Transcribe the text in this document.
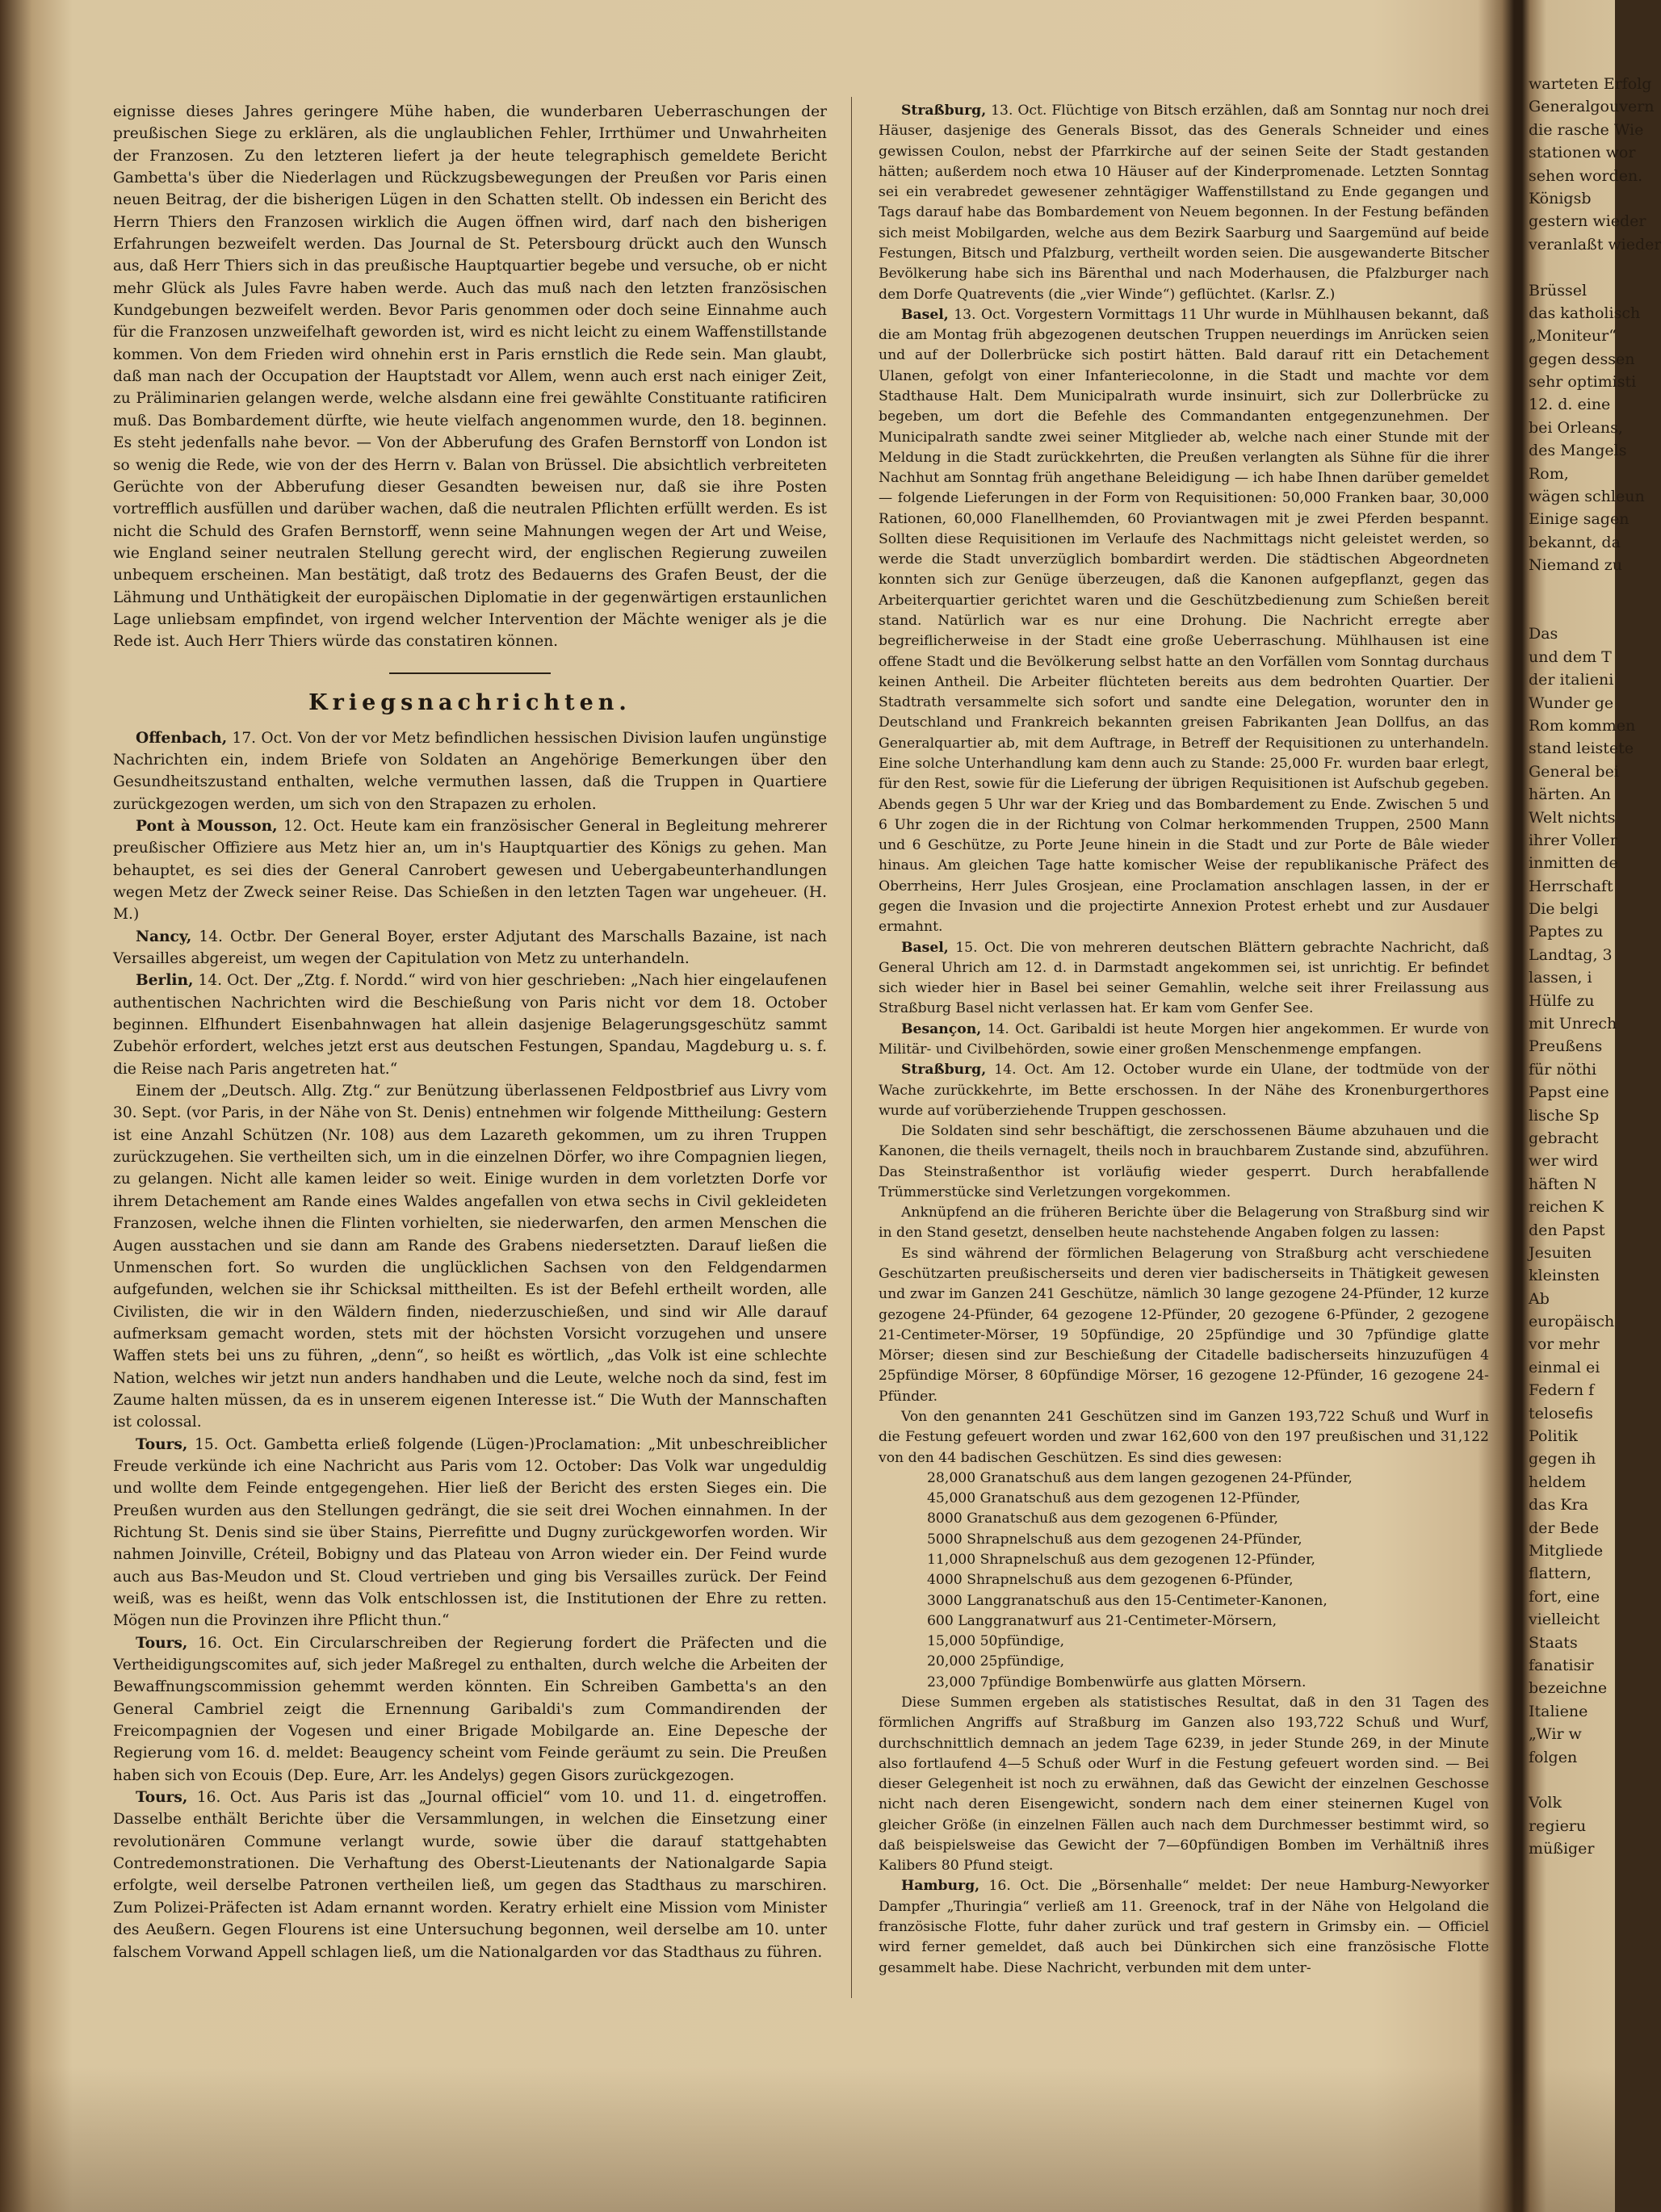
eignisse dieses Jahres geringere Mühe haben, die wunderbaren Ueberraschungen der preußischen Siege zu erklären, als die unglaublichen Fehler, Irrthümer und Unwahrheiten der Franzosen. Zu den letzteren liefert ja der heute telegraphisch gemeldete Bericht Gambetta's über die Niederlagen und Rückzugsbewegungen der Preußen vor Paris einen neuen Beitrag, der die bisherigen Lügen in den Schatten stellt. Ob indessen ein Bericht des Herrn Thiers den Franzosen wirklich die Augen öffnen wird, darf nach den bisherigen Erfahrungen bezweifelt werden. Das Journal de St. Petersbourg drückt auch den Wunsch aus, daß Herr Thiers sich in das preußische Hauptquartier begebe und versuche, ob er nicht mehr Glück als Jules Favre haben werde. Auch das muß nach den letzten französischen Kundgebungen bezweifelt werden. Bevor Paris genommen oder doch seine Einnahme auch für die Franzosen unzweifelhaft geworden ist, wird es nicht leicht zu einem Waffenstillstande kommen. Von dem Frieden wird ohnehin erst in Paris ernstlich die Rede sein. Man glaubt, daß man nach der Occupation der Hauptstadt vor Allem, wenn auch erst nach einiger Zeit, zu Präliminarien gelangen werde, welche alsdann eine frei gewählte Constituante ratificiren muß. Das Bombardement dürfte, wie heute vielfach angenommen wurde, den 18. beginnen. Es steht jedenfalls nahe bevor. — Von der Abberufung des Grafen Bernstorff von London ist so wenig die Rede, wie von der des Herrn v. Balan von Brüssel. Die absichtlich verbreiteten Gerüchte von der Abberufung dieser Gesandten beweisen nur, daß sie ihre Posten vortrefflich ausfüllen und darüber wachen, daß die neutralen Pflichten erfüllt werden. Es ist nicht die Schuld des Grafen Bernstorff, wenn seine Mahnungen wegen der Art und Weise, wie England seiner neutralen Stellung gerecht wird, der englischen Regierung zuweilen unbequem erscheinen. Man bestätigt, daß trotz des Bedauerns des Grafen Beust, der die Lähmung und Unthätigkeit der europäischen Diplomatie in der gegenwärtigen erstaunlichen Lage unliebsam empfindet, von irgend welcher Intervention der Mächte weniger als je die Rede ist. Auch Herr Thiers würde das constatiren können.

Kriegsnachrichten.

Offenbach, 17. Oct. Von der vor Metz befindlichen hessischen Division laufen ungünstige Nachrichten ein, indem Briefe von Soldaten an Angehörige Bemerkungen über den Gesundheitszustand enthalten, welche vermuthen lassen, daß die Truppen in Quartiere zurückgezogen werden, um sich von den Strapazen zu erholen.

Pont à Mousson, 12. Oct. Heute kam ein französischer General in Begleitung mehrerer preußischer Offiziere aus Metz hier an, um in's Hauptquartier des Königs zu gehen. Man behauptet, es sei dies der General Canrobert gewesen und Uebergabeunterhandlungen wegen Metz der Zweck seiner Reise. Das Schießen in den letzten Tagen war ungeheuer. (H. M.)

Nancy, 14. Octbr. Der General Boyer, erster Adjutant des Marschalls Bazaine, ist nach Versailles abgereist, um wegen der Capitulation von Metz zu unterhandeln.

Berlin, 14. Oct. Der „Ztg. f. Nordd.“ wird von hier geschrieben: „Nach hier eingelaufenen authentischen Nachrichten wird die Beschießung von Paris nicht vor dem 18. October beginnen. Elfhundert Eisenbahnwagen hat allein dasjenige Belagerungsgeschütz sammt Zubehör erfordert, welches jetzt erst aus deutschen Festungen, Spandau, Magdeburg u. s. f. die Reise nach Paris angetreten hat.“

Einem der „Deutsch. Allg. Ztg.“ zur Benützung überlassenen Feldpostbrief aus Livry vom 30. Sept. (vor Paris, in der Nähe von St. Denis) entnehmen wir folgende Mittheilung: Gestern ist eine Anzahl Schützen (Nr. 108) aus dem Lazareth gekommen, um zu ihren Truppen zurückzugehen. Sie vertheilten sich, um in die einzelnen Dörfer, wo ihre Compagnien liegen, zu gelangen. Nicht alle kamen leider so weit. Einige wurden in dem vorletzten Dorfe vor ihrem Detachement am Rande eines Waldes angefallen von etwa sechs in Civil gekleideten Franzosen, welche ihnen die Flinten vorhielten, sie niederwarfen, den armen Menschen die Augen ausstachen und sie dann am Rande des Grabens niedersetzten. Darauf ließen die Unmenschen fort. So wurden die unglücklichen Sachsen von den Feldgendarmen aufgefunden, welchen sie ihr Schicksal mittheilten. Es ist der Befehl ertheilt worden, alle Civilisten, die wir in den Wäldern finden, niederzuschießen, und sind wir Alle darauf aufmerksam gemacht worden, stets mit der höchsten Vorsicht vorzugehen und unsere Waffen stets bei uns zu führen, „denn“, so heißt es wörtlich, „das Volk ist eine schlechte Nation, welches wir jetzt nun anders handhaben und die Leute, welche noch da sind, fest im Zaume halten müssen, da es in unserem eigenen Interesse ist.“ Die Wuth der Mannschaften ist colossal.

Tours, 15. Oct. Gambetta erließ folgende (Lügen-)Proclamation: „Mit unbeschreiblicher Freude verkünde ich eine Nachricht aus Paris vom 12. October: Das Volk war ungeduldig und wollte dem Feinde entgegengehen. Hier ließ der Bericht des ersten Sieges ein. Die Preußen wurden aus den Stellungen gedrängt, die sie seit drei Wochen einnahmen. In der Richtung St. Denis sind sie über Stains, Pierrefitte und Dugny zurückgeworfen worden. Wir nahmen Joinville, Créteil, Bobigny und das Plateau von Arron wieder ein. Der Feind wurde auch aus Bas-Meudon und St. Cloud vertrieben und ging bis Versailles zurück. Der Feind weiß, was es heißt, wenn das Volk entschlossen ist, die Institutionen der Ehre zu retten. Mögen nun die Provinzen ihre Pflicht thun.“

Tours, 16. Oct. Ein Circularschreiben der Regierung fordert die Präfecten und die Vertheidigungscomites auf, sich jeder Maßregel zu enthalten, durch welche die Arbeiten der Bewaffnungscommission gehemmt werden könnten. Ein Schreiben Gambetta's an den General Cambriel zeigt die Ernennung Garibaldi's zum Commandirenden der Freicompagnien der Vogesen und einer Brigade Mobilgarde an. Eine Depesche der Regierung vom 16. d. meldet: Beaugency scheint vom Feinde geräumt zu sein. Die Preußen haben sich von Ecouis (Dep. Eure, Arr. les Andelys) gegen Gisors zurückgezogen.

Tours, 16. Oct. Aus Paris ist das „Journal officiel“ vom 10. und 11. d. eingetroffen. Dasselbe enthält Berichte über die Versammlungen, in welchen die Einsetzung einer revolutionären Commune verlangt wurde, sowie über die darauf stattgehabten Contredemonstrationen. Die Verhaftung des Oberst-Lieutenants der Nationalgarde Sapia erfolgte, weil derselbe Patronen vertheilen ließ, um gegen das Stadthaus zu marschiren. Zum Polizei-Präfecten ist Adam ernannt worden. Keratry erhielt eine Mission vom Minister des Aeußern. Gegen Flourens ist eine Untersuchung begonnen, weil derselbe am 10. unter falschem Vorwand Appell schlagen ließ, um die Nationalgarden vor das Stadthaus zu führen.

Straßburg, 13. Oct. Flüchtige von Bitsch erzählen, daß am Sonntag nur noch drei Häuser, dasjenige des Generals Bissot, das des Generals Schneider und eines gewissen Coulon, nebst der Pfarrkirche auf der seinen Seite der Stadt gestanden hätten; außerdem noch etwa 10 Häuser auf der Kinderpromenade. Letzten Sonntag sei ein verabredet gewesener zehntägiger Waffenstillstand zu Ende gegangen und Tags darauf habe das Bombardement von Neuem begonnen. In der Festung befänden sich meist Mobilgarden, welche aus dem Bezirk Saarburg und Saargemünd auf beide Festungen, Bitsch und Pfalzburg, vertheilt worden seien. Die ausgewanderte Bitscher Bevölkerung habe sich ins Bärenthal und nach Moderhausen, die Pfalzburger nach dem Dorfe Quatrevents (die „vier Winde“) geflüchtet. (Karlsr. Z.)

Basel, 13. Oct. Vorgestern Vormittags 11 Uhr wurde in Mühlhausen bekannt, daß die am Montag früh abgezogenen deutschen Truppen neuerdings im Anrücken seien und auf der Dollerbrücke sich postirt hätten. Bald darauf ritt ein Detachement Ulanen, gefolgt von einer Infanteriecolonne, in die Stadt und machte vor dem Stadthause Halt. Dem Municipalrath wurde insinuirt, sich zur Dollerbrücke zu begeben, um dort die Befehle des Commandanten entgegenzunehmen. Der Municipalrath sandte zwei seiner Mitglieder ab, welche nach einer Stunde mit der Meldung in die Stadt zurückkehrten, die Preußen verlangten als Sühne für die ihrer Nachhut am Sonntag früh angethane Beleidigung — ich habe Ihnen darüber gemeldet — folgende Lieferungen in der Form von Requisitionen: 50,000 Franken baar, 30,000 Rationen, 60,000 Flanellhemden, 60 Proviantwagen mit je zwei Pferden bespannt. Sollten diese Requisitionen im Verlaufe des Nachmittags nicht geleistet werden, so werde die Stadt unverzüglich bombardirt werden. Die städtischen Abgeordneten konnten sich zur Genüge überzeugen, daß die Kanonen aufgepflanzt, gegen das Arbeiterquartier gerichtet waren und die Geschützbedienung zum Schießen bereit stand. Natürlich war es nur eine Drohung. Die Nachricht erregte aber begreiflicherweise in der Stadt eine große Ueberraschung. Mühlhausen ist eine offene Stadt und die Bevölkerung selbst hatte an den Vorfällen vom Sonntag durchaus keinen Antheil. Die Arbeiter flüchteten bereits aus dem bedrohten Quartier. Der Stadtrath versammelte sich sofort und sandte eine Delegation, worunter den in Deutschland und Frankreich bekannten greisen Fabrikanten Jean Dollfus, an das Generalquartier ab, mit dem Auftrage, in Betreff der Requisitionen zu unterhandeln. Eine solche Unterhandlung kam denn auch zu Stande: 25,000 Fr. wurden baar erlegt, für den Rest, sowie für die Lieferung der übrigen Requisitionen ist Aufschub gegeben. Abends gegen 5 Uhr war der Krieg und das Bombardement zu Ende. Zwischen 5 und 6 Uhr zogen die in der Richtung von Colmar herkommenden Truppen, 2500 Mann und 6 Geschütze, zu Porte Jeune hinein in die Stadt und zur Porte de Bâle wieder hinaus. Am gleichen Tage hatte komischer Weise der republikanische Präfect des Oberrheins, Herr Jules Grosjean, eine Proclamation anschlagen lassen, in der er gegen die Invasion und die projectirte Annexion Protest erhebt und zur Ausdauer ermahnt.

Basel, 15. Oct. Die von mehreren deutschen Blättern gebrachte Nachricht, daß General Uhrich am 12. d. in Darmstadt angekommen sei, ist unrichtig. Er befindet sich wieder hier in Basel bei seiner Gemahlin, welche seit ihrer Freilassung aus Straßburg Basel nicht verlassen hat. Er kam vom Genfer See.

Besançon, 14. Oct. Garibaldi ist heute Morgen hier angekommen. Er wurde von Militär- und Civilbehörden, sowie einer großen Menschenmenge empfangen.

Straßburg, 14. Oct. Am 12. October wurde ein Ulane, der todtmüde von der Wache zurückkehrte, im Bette erschossen. In der Nähe des Kronenburgerthores wurde auf vorüberziehende Truppen geschossen.

Die Soldaten sind sehr beschäftigt, die zerschossenen Bäume abzuhauen und die Kanonen, die theils vernagelt, theils noch in brauchbarem Zustande sind, abzuführen. Das Steinstraßenthor ist vorläufig wieder gesperrt. Durch herabfallende Trümmerstücke sind Verletzungen vorgekommen.

Anknüpfend an die früheren Berichte über die Belagerung von Straßburg sind wir in den Stand gesetzt, denselben heute nachstehende Angaben folgen zu lassen:

Es sind während der förmlichen Belagerung von Straßburg acht verschiedene Geschützarten preußischerseits und deren vier badischerseits in Thätigkeit gewesen und zwar im Ganzen 241 Geschütze, nämlich 30 lange gezogene 24-Pfünder, 12 kurze gezogene 24-Pfünder, 64 gezogene 12-Pfünder, 20 gezogene 6-Pfünder, 2 gezogene 21-Centimeter-Mörser, 19 50pfündige, 20 25pfündige und 30 7pfündige glatte Mörser; diesen sind zur Beschießung der Citadelle badischerseits hinzuzufügen 4 25pfündige Mörser, 8 60pfündige Mörser, 16 gezogene 12-Pfünder, 16 gezogene 24-Pfünder.

Von den genannten 241 Geschützen sind im Ganzen 193,722 Schuß und Wurf in die Festung gefeuert worden und zwar 162,600 von den 197 preußischen und 31,122 von den 44 badischen Geschützen. Es sind dies gewesen:

28,000 Granatschuß aus dem langen gezogenen 24-Pfünder,

45,000 Granatschuß aus dem gezogenen 12-Pfünder,

8000 Granatschuß aus dem gezogenen 6-Pfünder,

5000 Shrapnelschuß aus dem gezogenen 24-Pfünder,

11,000 Shrapnelschuß aus dem gezogenen 12-Pfünder,

4000 Shrapnelschuß aus dem gezogenen 6-Pfünder,

3000 Langgranatschuß aus den 15-Centimeter-Kanonen,

600 Langgranatwurf aus 21-Centimeter-Mörsern,

15,000 50pfündige,

20,000 25pfündige,

23,000 7pfündige Bombenwürfe aus glatten Mörsern.

Diese Summen ergeben als statistisches Resultat, daß in den 31 Tagen des förmlichen Angriffs auf Straßburg im Ganzen also 193,722 Schuß und Wurf, durchschnittlich demnach an jedem Tage 6239, in jeder Stunde 269, in der Minute also fortlaufend 4—5 Schuß oder Wurf in die Festung gefeuert worden sind. — Bei dieser Gelegenheit ist noch zu erwähnen, daß das Gewicht der einzelnen Geschosse nicht nach deren Eisengewicht, sondern nach dem einer steinernen Kugel von gleicher Größe (in einzelnen Fällen auch nach dem Durchmesser bestimmt wird, so daß beispielsweise das Gewicht der 7—60pfündigen Bomben im Verhältniß ihres Kalibers 80 Pfund steigt.

Hamburg, 16. Oct. Die „Börsenhalle“ meldet: Der neue Hamburg-Newyorker Dampfer „Thuringia“ verließ am 11. Greenock, traf in der Nähe von Helgoland die französische Flotte, fuhr daher zurück und traf gestern in Grimsby ein. — Officiel wird ferner gemeldet, daß auch bei Dünkirchen sich eine französische Flotte gesammelt habe. Diese Nachricht, verbunden mit dem unter-

warteten Erfolg
Generalgouvern
die rasche Wie
stationen wor
sehen worden.
Königsb
gestern wieder
veranlaßt wieder
Brüssel
das katholisch
„Moniteur“
gegen dessen
sehr optimisti
12. d. eine
bei Orleans,
des Mangels
Rom,
wägen schleun
Einige sagen
bekannt, da
Niemand zu
Das
und dem T
der italieni
Wunder ge
Rom kommen
stand leistete
General bei
härten. An
Welt nichts
ihrer Voller
inmitten de
Herrschaft
Die belgi
Paptes zu
Landtag, 3
lassen, i
Hülfe zu
mit Unrech
Preußens
für nöthi
Papst eine
lische Sp
gebracht
wer wird
häften N
reichen K
den Papst
Jesuiten
kleinsten
Ab
europäisch
vor mehr
einmal ei
Federn f
telosefis
Politik
gegen ih
heldem
das Kra
der Bede
Mitgliede
flattern,
fort, eine
vielleicht
Staats
fanatisir
bezeichne
Italiene
„Wir w
folgen
Volk
regieru
müßiger
